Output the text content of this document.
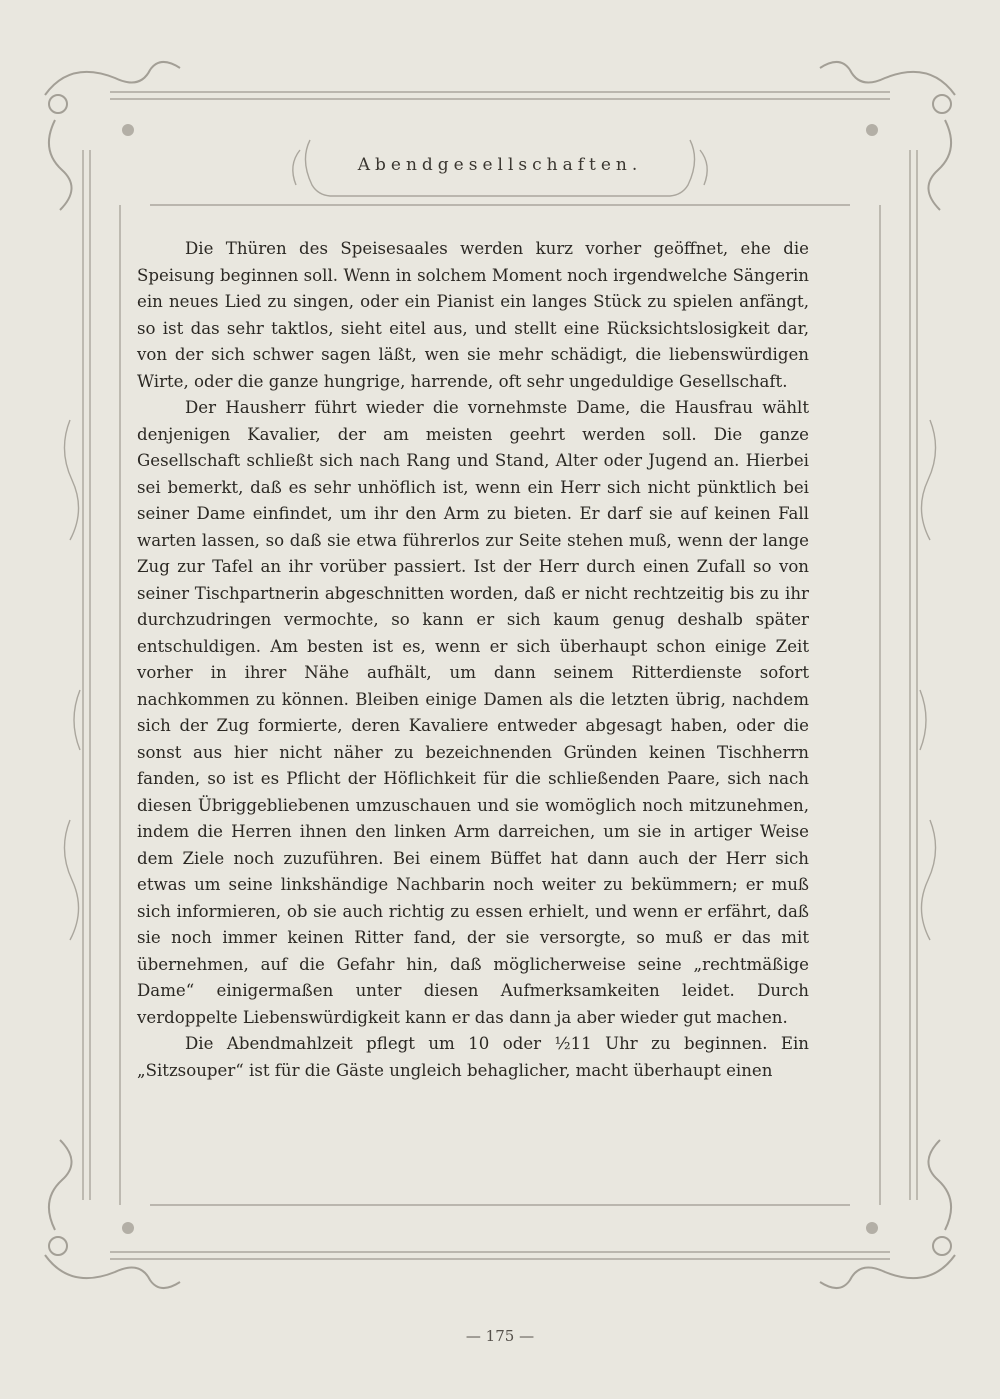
Abendgesellschaften.

Die Thüren des Speisesaales werden kurz vorher geöffnet, ehe die Speisung beginnen soll. Wenn in solchem Moment noch irgendwelche Sängerin ein neues Lied zu singen, oder ein Pianist ein langes Stück zu spielen anfängt, so ist das sehr taktlos, sieht eitel aus, und stellt eine Rücksichtslosigkeit dar, von der sich schwer sagen läßt, wen sie mehr schädigt, die liebenswürdigen Wirte, oder die ganze hungrige, harrende, oft sehr ungeduldige Gesellschaft.

Der Hausherr führt wieder die vornehmste Dame, die Hausfrau wählt denjenigen Kavalier, der am meisten geehrt werden soll. Die ganze Gesellschaft schließt sich nach Rang und Stand, Alter oder Jugend an. Hierbei sei bemerkt, daß es sehr unhöflich ist, wenn ein Herr sich nicht pünktlich bei seiner Dame einfindet, um ihr den Arm zu bieten. Er darf sie auf keinen Fall warten lassen, so daß sie etwa führerlos zur Seite stehen muß, wenn der lange Zug zur Tafel an ihr vorüber passiert. Ist der Herr durch einen Zufall so von seiner Tischpartnerin abgeschnitten worden, daß er nicht rechtzeitig bis zu ihr durchzudringen vermochte, so kann er sich kaum genug deshalb später entschuldigen. Am besten ist es, wenn er sich überhaupt schon einige Zeit vorher in ihrer Nähe aufhält, um dann seinem Ritterdienste sofort nachkommen zu können. Bleiben einige Damen als die letzten übrig, nachdem sich der Zug formierte, deren Kavaliere entweder abgesagt haben, oder die sonst aus hier nicht näher zu bezeichnenden Gründen keinen Tischherrn fanden, so ist es Pflicht der Höflichkeit für die schließenden Paare, sich nach diesen Übriggebliebenen umzuschauen und sie womöglich noch mitzunehmen, indem die Herren ihnen den linken Arm darreichen, um sie in artiger Weise dem Ziele noch zuzuführen. Bei einem Büffet hat dann auch der Herr sich etwas um seine linkshändige Nachbarin noch weiter zu bekümmern; er muß sich informieren, ob sie auch richtig zu essen erhielt, und wenn er erfährt, daß sie noch immer keinen Ritter fand, der sie versorgte, so muß er das mit übernehmen, auf die Gefahr hin, daß möglicherweise seine „rechtmäßige Dame“ einigermaßen unter diesen Aufmerksamkeiten leidet. Durch verdoppelte Liebenswürdigkeit kann er das dann ja aber wieder gut machen.

Die Abendmahlzeit pflegt um 10 oder ½11 Uhr zu beginnen. Ein „Sitzsouper“ ist für die Gäste ungleich behaglicher, macht überhaupt einen

— 175 —
